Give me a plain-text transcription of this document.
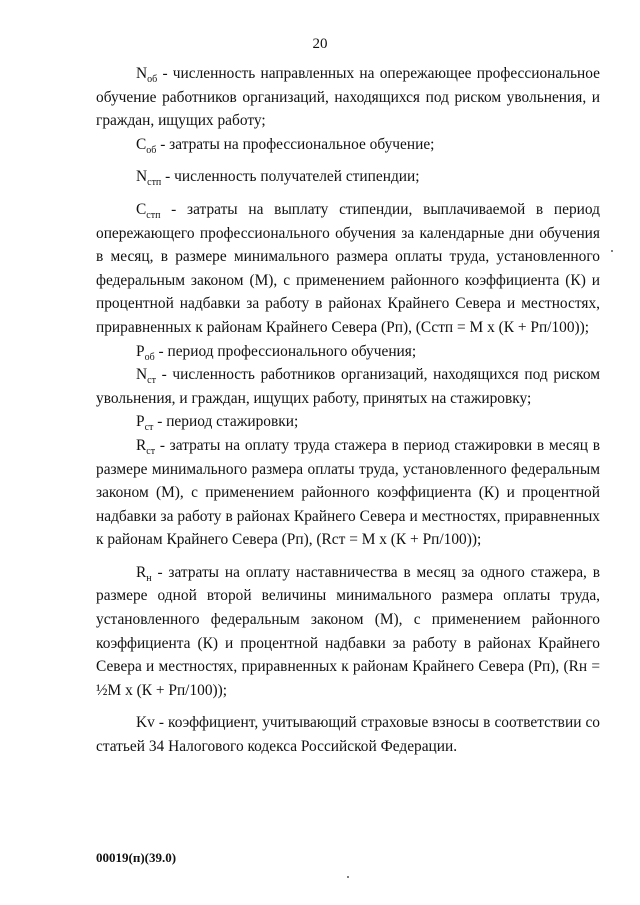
20

$N_{об}$ - численность направленных на опережающее профессиональное обучение работников организаций, находящихся под риском увольнения, и граждан, ищущих работу;

$C_{об}$ - затраты на профессиональное обучение;

$N_{стп}$ - численность получателей стипендии;

$C_{стп}$ - затраты на выплату стипендии, выплачиваемой в период опережающего профессионального обучения за календарные дни обучения в месяц, в размере минимального размера оплаты труда, установленного федеральным законом (М), с применением районного коэффициента (К) и процентной надбавки за работу в районах Крайнего Севера и местностях, приравненных к районам Крайнего Севера (Рп), (Сстп = М х (К + Рп/100));

$P_{об}$ - период профессионального обучения;

$N_{ст}$ - численность работников организаций, находящихся под риском увольнения, и граждан, ищущих работу, принятых на стажировку;

$P_{ст}$ - период стажировки;

$R_{ст}$ - затраты на оплату труда стажера в период стажировки в месяц в размере минимального размера оплаты труда, установленного федеральным законом (М), с применением районного коэффициента (К) и процентной надбавки за работу в районах Крайнего Севера и местностях, приравненных к районам Крайнего Севера (Рп), (Rст = М х (К + Рп/100));

$R_н$ - затраты на оплату наставничества в месяц за одного стажера, в размере одной второй величины минимального размера оплаты труда, установленного федеральным законом (М), с применением районного коэффициента (К) и процентной надбавки за работу в районах Крайнего Севера и местностях, приравненных к районам Крайнего Севера (Рп), (Rн = ½М х (К + Рп/100));

Kv - коэффициент, учитывающий страховые взносы в соответствии со статьей 34 Налогового кодекса Российской Федерации.

00019(п)(39.0)
